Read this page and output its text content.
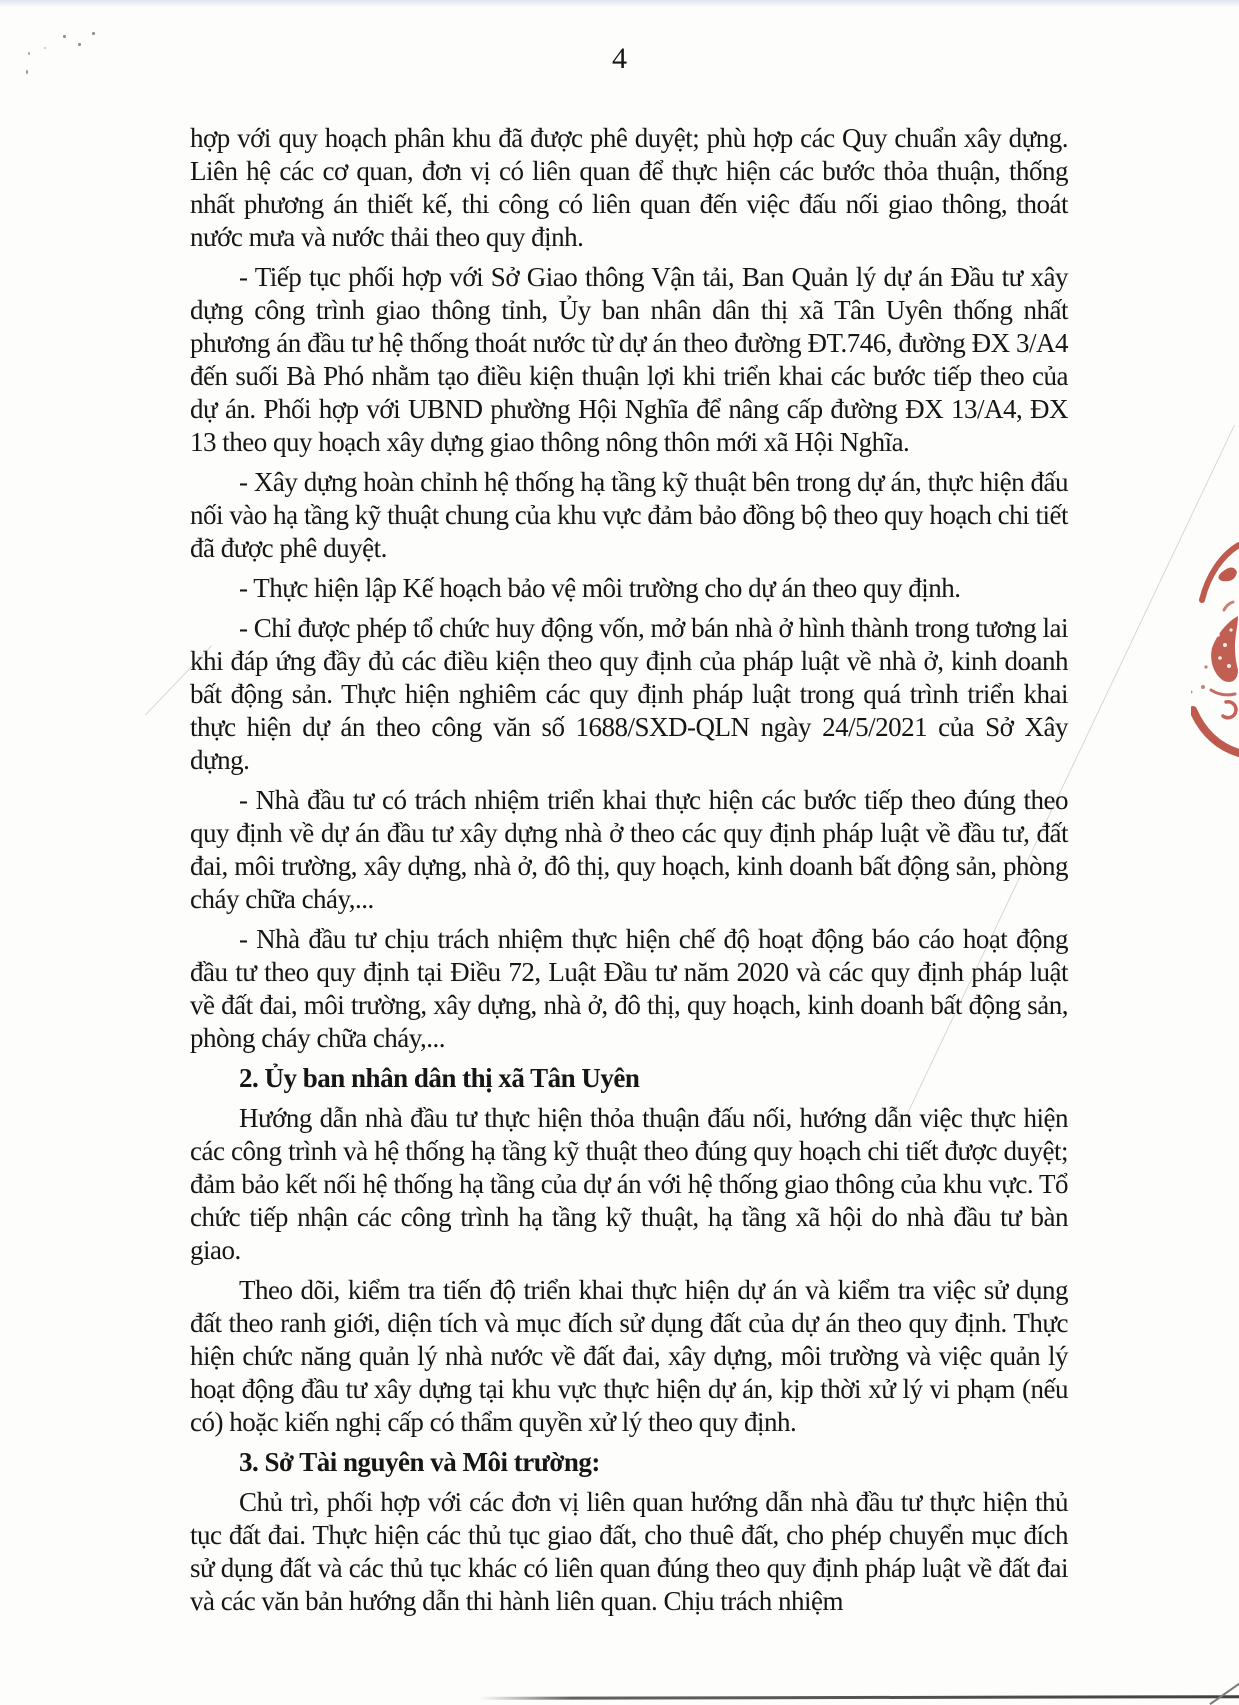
4

hợp với quy hoạch phân khu đã được phê duyệt; phù hợp các Quy chuẩn xây dựng. Liên hệ các cơ quan, đơn vị có liên quan để thực hiện các bước thỏa thuận, thống nhất phương án thiết kế, thi công có liên quan đến việc đấu nối giao thông, thoát nước mưa và nước thải theo quy định.

- Tiếp tục phối hợp với Sở Giao thông Vận tải, Ban Quản lý dự án Đầu tư xây dựng công trình giao thông tỉnh, Ủy ban nhân dân thị xã Tân Uyên thống nhất phương án đầu tư hệ thống thoát nước từ dự án theo đường ĐT.746, đường ĐX 3/A4 đến suối Bà Phó nhằm tạo điều kiện thuận lợi khi triển khai các bước tiếp theo của dự án. Phối hợp với UBND phường Hội Nghĩa để nâng cấp đường ĐX 13/A4, ĐX 13 theo quy hoạch xây dựng giao thông nông thôn mới xã Hội Nghĩa.

- Xây dựng hoàn chỉnh hệ thống hạ tầng kỹ thuật bên trong dự án, thực hiện đấu nối vào hạ tầng kỹ thuật chung của khu vực đảm bảo đồng bộ theo quy hoạch chi tiết đã được phê duyệt.

- Thực hiện lập Kế hoạch bảo vệ môi trường cho dự án theo quy định.

- Chỉ được phép tổ chức huy động vốn, mở bán nhà ở hình thành trong tương lai khi đáp ứng đầy đủ các điều kiện theo quy định của pháp luật về nhà ở, kinh doanh bất động sản. Thực hiện nghiêm các quy định pháp luật trong quá trình triển khai thực hiện dự án theo công văn số 1688/SXD-QLN ngày 24/5/2021 của Sở Xây dựng.

- Nhà đầu tư có trách nhiệm triển khai thực hiện các bước tiếp theo đúng theo quy định về dự án đầu tư xây dựng nhà ở theo các quy định pháp luật về đầu tư, đất đai, môi trường, xây dựng, nhà ở, đô thị, quy hoạch, kinh doanh bất động sản, phòng cháy chữa cháy,...

- Nhà đầu tư chịu trách nhiệm thực hiện chế độ hoạt động báo cáo hoạt động đầu tư theo quy định tại Điều 72, Luật Đầu tư năm 2020 và các quy định pháp luật về đất đai, môi trường, xây dựng, nhà ở, đô thị, quy hoạch, kinh doanh bất động sản, phòng cháy chữa cháy,...

2. Ủy ban nhân dân thị xã Tân Uyên

Hướng dẫn nhà đầu tư thực hiện thỏa thuận đấu nối, hướng dẫn việc thực hiện các công trình và hệ thống hạ tầng kỹ thuật theo đúng quy hoạch chi tiết được duyệt; đảm bảo kết nối hệ thống hạ tầng của dự án với hệ thống giao thông của khu vực. Tổ chức tiếp nhận các công trình hạ tầng kỹ thuật, hạ tầng xã hội do nhà đầu tư bàn giao.

Theo dõi, kiểm tra tiến độ triển khai thực hiện dự án và kiểm tra việc sử dụng đất theo ranh giới, diện tích và mục đích sử dụng đất của dự án theo quy định. Thực hiện chức năng quản lý nhà nước về đất đai, xây dựng, môi trường và việc quản lý hoạt động đầu tư xây dựng tại khu vực thực hiện dự án, kịp thời xử lý vi phạm (nếu có) hoặc kiến nghị cấp có thẩm quyền xử lý theo quy định.

3. Sở Tài nguyên và Môi trường:

Chủ trì, phối hợp với các đơn vị liên quan hướng dẫn nhà đầu tư thực hiện thủ tục đất đai. Thực hiện các thủ tục giao đất, cho thuê đất, cho phép chuyển mục đích sử dụng đất và các thủ tục khác có liên quan đúng theo quy định pháp luật về đất đai và các văn bản hướng dẫn thi hành liên quan. Chịu trách nhiệm
